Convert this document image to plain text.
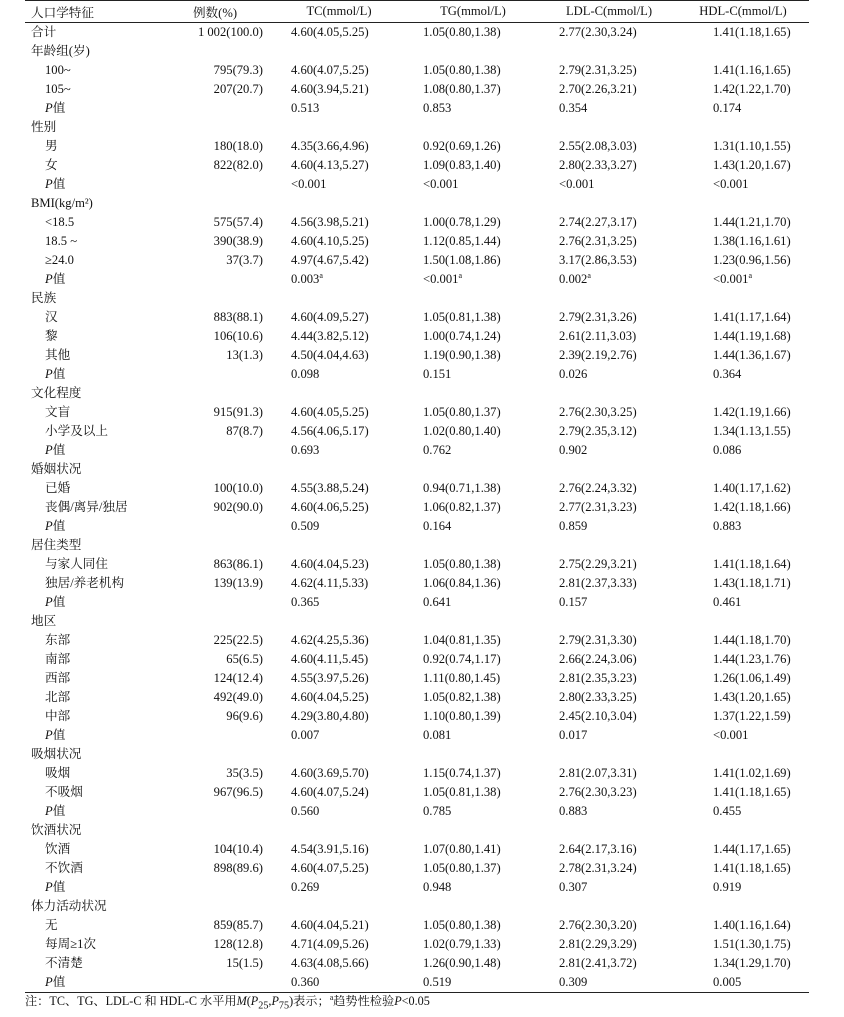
人口学特征	例数(%)	TC(mmol/L)	TG(mmol/L)	LDL-C(mmol/L)	HDL-C(mmol/L)
合计	1 002(100.0)	4.60(4.05,5.25)	1.05(0.80,1.38)	2.77(2.30,3.24)	1.41(1.18,1.65)
年龄组(岁)					
100~	795(79.3)	4.60(4.07,5.25)	1.05(0.80,1.38)	2.79(2.31,3.25)	1.41(1.16,1.65)
105~	207(20.7)	4.60(3.94,5.21)	1.08(0.80,1.37)	2.70(2.26,3.21)	1.42(1.22,1.70)
P值		0.513	0.853	0.354	0.174
性别					
男	180(18.0)	4.35(3.66,4.96)	0.92(0.69,1.26)	2.55(2.08,3.03)	1.31(1.10,1.55)
女	822(82.0)	4.60(4.13,5.27)	1.09(0.83,1.40)	2.80(2.33,3.27)	1.43(1.20,1.67)
P值		<0.001	<0.001	<0.001	<0.001
BMI(kg/m²)					
<18.5	575(57.4)	4.56(3.98,5.21)	1.00(0.78,1.29)	2.74(2.27,3.17)	1.44(1.21,1.70)
18.5 ~	390(38.9)	4.60(4.10,5.25)	1.12(0.85,1.44)	2.76(2.31,3.25)	1.38(1.16,1.61)
≥24.0	37(3.7)	4.97(4.67,5.42)	1.50(1.08,1.86)	3.17(2.86,3.53)	1.23(0.96,1.56)
P值		0.003$^a$	<0.001$^a$	0.002$^a$	<0.001$^a$
民族					
汉	883(88.1)	4.60(4.09,5.27)	1.05(0.81,1.38)	2.79(2.31,3.26)	1.41(1.17,1.64)
黎	106(10.6)	4.44(3.82,5.12)	1.00(0.74,1.24)	2.61(2.11,3.03)	1.44(1.19,1.68)
其他	13(1.3)	4.50(4.04,4.63)	1.19(0.90,1.38)	2.39(2.19,2.76)	1.44(1.36,1.67)
P值		0.098	0.151	0.026	0.364
文化程度					
文盲	915(91.3)	4.60(4.05,5.25)	1.05(0.80,1.37)	2.76(2.30,3.25)	1.42(1.19,1.66)
小学及以上	87(8.7)	4.56(4.06,5.17)	1.02(0.80,1.40)	2.79(2.35,3.12)	1.34(1.13,1.55)
P值		0.693	0.762	0.902	0.086
婚姻状况					
已婚	100(10.0)	4.55(3.88,5.24)	0.94(0.71,1.38)	2.76(2.24,3.32)	1.40(1.17,1.62)
丧偶/离异/独居	902(90.0)	4.60(4.06,5.25)	1.06(0.82,1.37)	2.77(2.31,3.23)	1.42(1.18,1.66)
P值		0.509	0.164	0.859	0.883
居住类型					
与家人同住	863(86.1)	4.60(4.04,5.23)	1.05(0.80,1.38)	2.75(2.29,3.21)	1.41(1.18,1.64)
独居/养老机构	139(13.9)	4.62(4.11,5.33)	1.06(0.84,1.36)	2.81(2.37,3.33)	1.43(1.18,1.71)
P值		0.365	0.641	0.157	0.461
地区					
东部	225(22.5)	4.62(4.25,5.36)	1.04(0.81,1.35)	2.79(2.31,3.30)	1.44(1.18,1.70)
南部	65(6.5)	4.60(4.11,5.45)	0.92(0.74,1.17)	2.66(2.24,3.06)	1.44(1.23,1.76)
西部	124(12.4)	4.55(3.97,5.26)	1.11(0.80,1.45)	2.81(2.35,3.23)	1.26(1.06,1.49)
北部	492(49.0)	4.60(4.04,5.25)	1.05(0.82,1.38)	2.80(2.33,3.25)	1.43(1.20,1.65)
中部	96(9.6)	4.29(3.80,4.80)	1.10(0.80,1.39)	2.45(2.10,3.04)	1.37(1.22,1.59)
P值		0.007	0.081	0.017	<0.001
吸烟状况					
吸烟	35(3.5)	4.60(3.69,5.70)	1.15(0.74,1.37)	2.81(2.07,3.31)	1.41(1.02,1.69)
不吸烟	967(96.5)	4.60(4.07,5.24)	1.05(0.81,1.38)	2.76(2.30,3.23)	1.41(1.18,1.65)
P值		0.560	0.785	0.883	0.455
饮酒状况					
饮酒	104(10.4)	4.54(3.91,5.16)	1.07(0.80,1.41)	2.64(2.17,3.16)	1.44(1.17,1.65)
不饮酒	898(89.6)	4.60(4.07,5.25)	1.05(0.80,1.37)	2.78(2.31,3.24)	1.41(1.18,1.65)
P值		0.269	0.948	0.307	0.919
体力活动状况					
无	859(85.7)	4.60(4.04,5.21)	1.05(0.80,1.38)	2.76(2.30,3.20)	1.40(1.16,1.64)
每周≥1次	128(12.8)	4.71(4.09,5.26)	1.02(0.79,1.33)	2.81(2.29,3.29)	1.51(1.30,1.75)
不清楚	15(1.5)	4.63(4.08,5.66)	1.26(0.90,1.48)	2.81(2.41,3.72)	1.34(1.29,1.70)
P值		0.360	0.519	0.309	0.005
注：TC、TG、LDL-C 和 HDL-C 水平用$M(P_{25},P_{75})$表示；$^a$趋势性检验P<0.05
